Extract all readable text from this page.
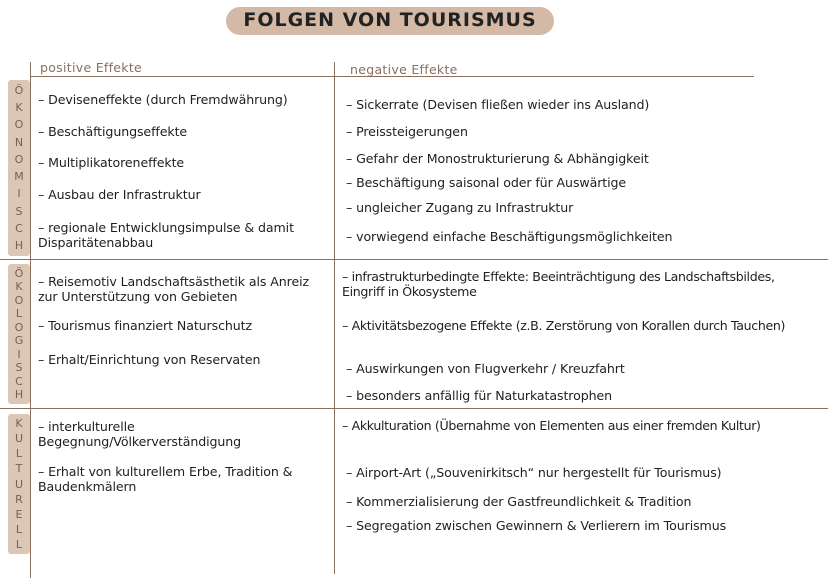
FOLGEN VON TOURISMUS
positive Effekte	negative Effekte
Ö
K
O
N
O
M
I
S
C
H
Ö
K
O
L
O
G
I
S
C
H
K
U
L
T
U
R
E
L
L
– Deviseneffekte (durch Fremdwährung)
– Beschäftigungseffekte
– Multiplikatoreneffekte
– Ausbau der Infrastruktur
– regionale Entwicklungsimpulse & damit Disparitätenabbau
– Sickerrate (Devisen fließen wieder ins Ausland)
– Preissteigerungen
– Gefahr der Monostrukturierung & Abhängigkeit
– Beschäftigung saisonal oder für Auswärtige
– ungleicher Zugang zu Infrastruktur
– vorwiegend einfache Beschäftigungsmöglichkeiten
– Reisemotiv Landschaftsästhetik als Anreiz zur Unterstützung von Gebieten
– Tourismus finanziert Naturschutz
– Erhalt/Einrichtung von Reservaten
– infrastrukturbedingte Effekte: Beeinträchtigung des Landschaftsbildes, Eingriff in Ökosysteme
– Aktivitätsbezogene Effekte (z.B. Zerstörung von Korallen durch Tauchen)
– Auswirkungen von Flugverkehr / Kreuzfahrt
– besonders anfällig für Naturkatastrophen
– interkulturelle Begegnung/Völkerverständigung
– Erhalt von kulturellem Erbe, Tradition & Baudenkmälern
– Akkulturation (Übernahme von Elementen aus einer fremden Kultur)
– Airport-Art („Souvenirkitsch“ nur hergestellt für Tourismus)
– Kommerzialisierung der Gastfreundlichkeit & Tradition
– Segregation zwischen Gewinnern & Verlierern im Tourismus
